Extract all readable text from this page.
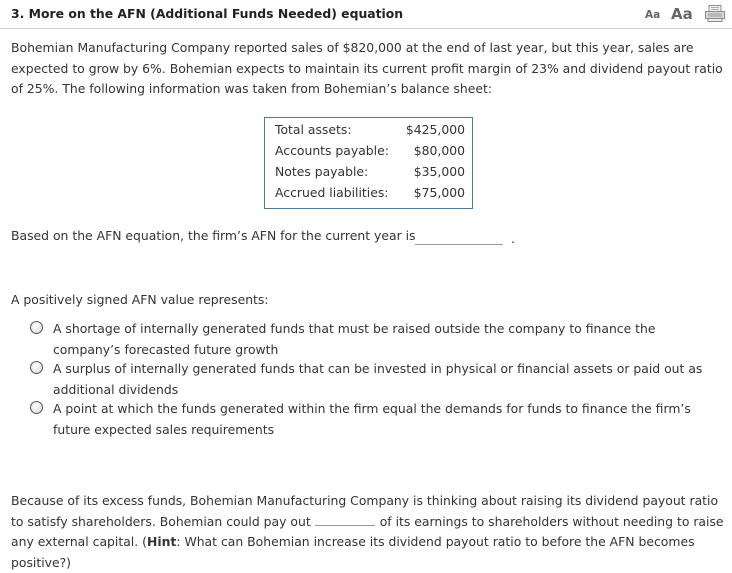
3. More on the AFN (Additional Funds Needed) equation	Aa Aa

Bohemian Manufacturing Company reported sales of $820,000 at the end of last year, but this year, sales are expected to grow by 6%. Bohemian expects to maintain its current profit margin of 23% and dividend payout ratio of 25%. The following information was taken from Bohemian’s balance sheet:

Total assets:	$425,000
Accounts payable: $80,000
Notes payable:	$35,000
Accrued liabilities: $75,000
Based on the AFN equation, the firm’s AFN for the current year is	.
A positively signed AFN value represents:
A shortage of internally generated funds that must be raised outside the company to finance the company’s forecasted future growth
A surplus of internally generated funds that can be invested in physical or financial assets or paid out as additional dividends
A point at which the funds generated within the firm equal the demands for funds to finance the firm’s future expected sales requirements

Because of its excess funds, Bohemian Manufacturing Company is thinking about raising its dividend payout ratio to satisfy shareholders. Bohemian could pay out	of its earnings to shareholders without needing to raise any external capital. (Hint: What can Bohemian increase its dividend payout ratio to before the AFN becomes positive?)
